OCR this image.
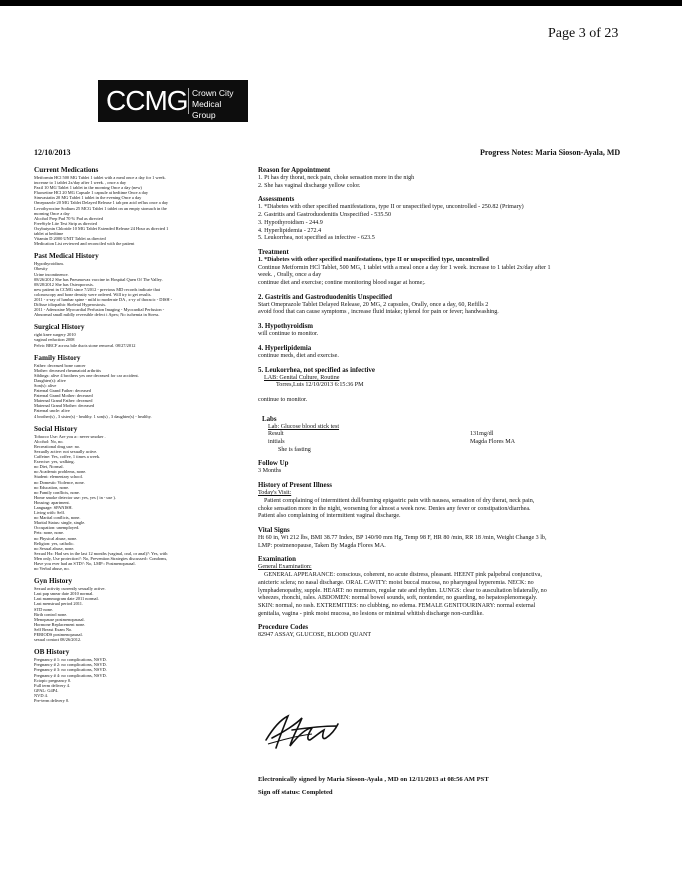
Page 3 of 23
CCMG Crown City
Medical Group
12/10/2013	Progress Notes: Maria Sioson-Ayala, MD
Current Medications
Metformin HCl 500 MG Tablet 1 tablet with a meal once a day for 1 week.
increase to 1 tablet 2x/day after 1 week. , once a day
Paxil 10 MG Tablet 1 tablet in the morning Once a day (new)
Fluoxetine HCl 20 MG Capsule 1 capsule at bedtime Once a day
Simvastatin 20 MG Tablet 1 tablet in the evening Once a day
Omeprazole 20 MG Tablet Delayed Release 1 tab prn acid reflux once a day
Levothyroxine Sodium 25 MCG Tablet 1 tablet on an empty stomach in the
morning Once a day
Alcohol Prep Pad 70 % Pad as directed
FreeStyle Lite Test Strip as directed
Oxybutynin Chloride 10 MG Tablet Extended Release 24 Hour as directed 1
tablet at bedtime
Vitamin D 2000 UNIT Tablet as directed
Medication List reviewed and reconciled with the patient
Past Medical History
Hypothyroidism.
Obesity
Urine incontinence.
08/26/2012 She has Pneumovax vaccine in Hospital Quen Of The Valley.
08/28/2012 She has Osteoporosis.
new patient in CCMG since 7/2012 - previous MD records indicate that
colonoscopy and bone density were ordered. Will try to get results.
2011 - x-ray of lumbar spine - mild to moderate DA , x-ry of thoracic - DISH -
Diffuse idiopathic Skeletal Hyperostosis.
2011 - Adenosine Myocardial Perfusion Imaging - Myocardial Perfusion -
Abnormal small mildly reversible defect i Apex; No ischemia in Stress.
Surgical History
right knee surgery 2010
vaginal reduction 2008
Pelvic BRCF across bile ducts stone removal. 08/27/2012
Family History
Father: deceased bone cancer
Mother: deceased rheumatoid arthritis
Siblings: alive 4 brothers yes one deceased for car accident.
Daughter(s): alive
Son(s): alive
Paternal Grand Father: deceased
Paternal Grand Mother: deceased
Maternal Grand Father: deceased
Maternal Grand Mother: deceased
Paternal uncle: alive
4 brother(s) , 3 sister(s) - healthy. 1 son(s) , 3 daughter(s) - healthy.
Social History
Tobacco Use: Are you a:: never smoker .
Alcohol: No, no.
Recreational drug use: no.
Sexually active: not sexually active.
Caffeine: Yes, coffee, 1 times a week.
Exercise: yes, walking.
no Diet, Normal.
no Academic problems, none.
Student: elementary school.
no Domestic Violence, none.
no Education, none.
no Family conflicts, none.
Home smoke detector use: yes, yes ( in - use ).
Housing: apartment.
Language: SPANISH.
Living with: Self.
no Marital conflicts, none.
Marital Status: single, single.
Occupation: unemployed.
Pets: none, none.
no Physical abuse, none.
Religion: yes, catholic.
no Sexual abuse, none.
Sexual Hx: Had sex in the last 12 months (vaginal, oral, or anal)?: Yes, with
Men only, Use protection?: No, Prevention Strategies discussed:: Condoms,
Have you ever had an STD?: No, LMP:: Postmenopausal.
no Verbal abuse, no.
Gyn History
Sexual activity currently sexually active.
Last pap smear date 2010 normal.
Last mammogram date 2011 normal.
Last menstrual period 2011.
STD none.
Birth control none.
Menopause postmenopausal.
Hormone Replacement none.
Self Breast Exam No.
PERIODS postmenopausal.
sexual contact 08/26/2012.
OB History
Pregnancy # 1: no complications, NSVD.
Pregnancy # 2: no complications, NSVD.
Pregnancy # 3: no complications, NSVD.
Pregnancy # 4: no complications, NSVD.
Ectopic pregnancy 0.
Full term delivery 4.
GPAL: G4P4.
NVD 4.
Pre-term delivery 0.
Reason for Appointment
1. Pt has dry thorat, neck pain, choke sensation more in the nigh
2. She has vaginal discharge yellow color.
Assessments
1. *Diabetes with other specified manifestations, type II or unspecified type, uncontrolled - 250.82 (Primary)
2. Gastritis and Gastroduodenitis Unspecified - 535.50
3. Hypothyroidism - 244.9
4. Hyperlipidemia - 272.4
5. Leukorrhea, not specified as infective - 623.5
Treatment
1. *Diabetes with other specified manifestations, type II or unspecified type, uncontrolled
Continue Metformin HCl Tablet, 500 MG, 1 tablet with a meal once a day for 1 week. increase to 1 tablet 2x/day after 1
week. , Orally, once a day
continue diet and exercise; contine monitoring blood sugar at home;.
2. Gastritis and Gastroduodenitis Unspecified
Start Omeprazole Tablet Delayed Release, 20 MG, 2 capsules, Orally, once a day, 60, Refills 2
avoid food that can cause symptoms , increase fluid intake; tylenol for pain or fever; handwashing.
3. Hypothyroidism
will continue to monitor.
4. Hyperlipidemia
continue meds, diet and exercise.
5. Leukorrhea, not specified as infective
LAB: Genital Culture, Routine
Torres,Luis 12/10/2013 6:15:36 PM
continue to monitor.
Labs
Lab: Glucose blood stick test
Result	131mg/dl
initials	Magda Flores MA
She is fasting
Follow Up
3 Months
History of Present Illness
Today's Visit:
Patient complaining of intermittent dull/burning epigastric pain with nausea, sensation of dry therat, neck pain,
choke sensation more in the night, worsening for almost a week now. Denies any fever or constipation/diarrhea.
Patient also complaining of intermittent vaginal discharge.
Vital Signs
Ht 60 in, Wt 212 lbs, BMI 38.77 Index, BP 140/90 mm Hg, Temp 98 F, HR 80 /min, RR 18 /min, Weight Change 3 lb,
LMP: postmenopause, Taken By Magda Flores MA.
Examination
General Examination:
GENERAL APPEARANCE: conscious, coherent, no acute distress, pleasant. HEENT pink palpebral conjunctiva,
anicteric sclera; no nasal discharge. ORAL CAVITY: moist buccal mucosa, no pharyngeal hyperemia. NECK: no
lymphadenopathy, supple. HEART: no murmurs, regular rate and rhythm. LUNGS: clear to auscultation bilaterally, no
wheezes, rhonchi, rales. ABDOMEN: normal bowel sounds, soft, nontender, no guarding, no hepatosplenomegaly.
SKIN: normal, no rash. EXTREMITIES: no clubbing, no edema. FEMALE GENITOURINARY: normal external
genitalia, vagina - pink moist mucosa, no lesions or minimal whitish discharge non-curdlike.
Procedure Codes
82947 ASSAY, GLUCOSE, BLOOD QUANT
Electronically signed by Maria Sioson-Ayala , MD on 12/11/2013 at 08:56 AM PST
Sign off status: Completed
